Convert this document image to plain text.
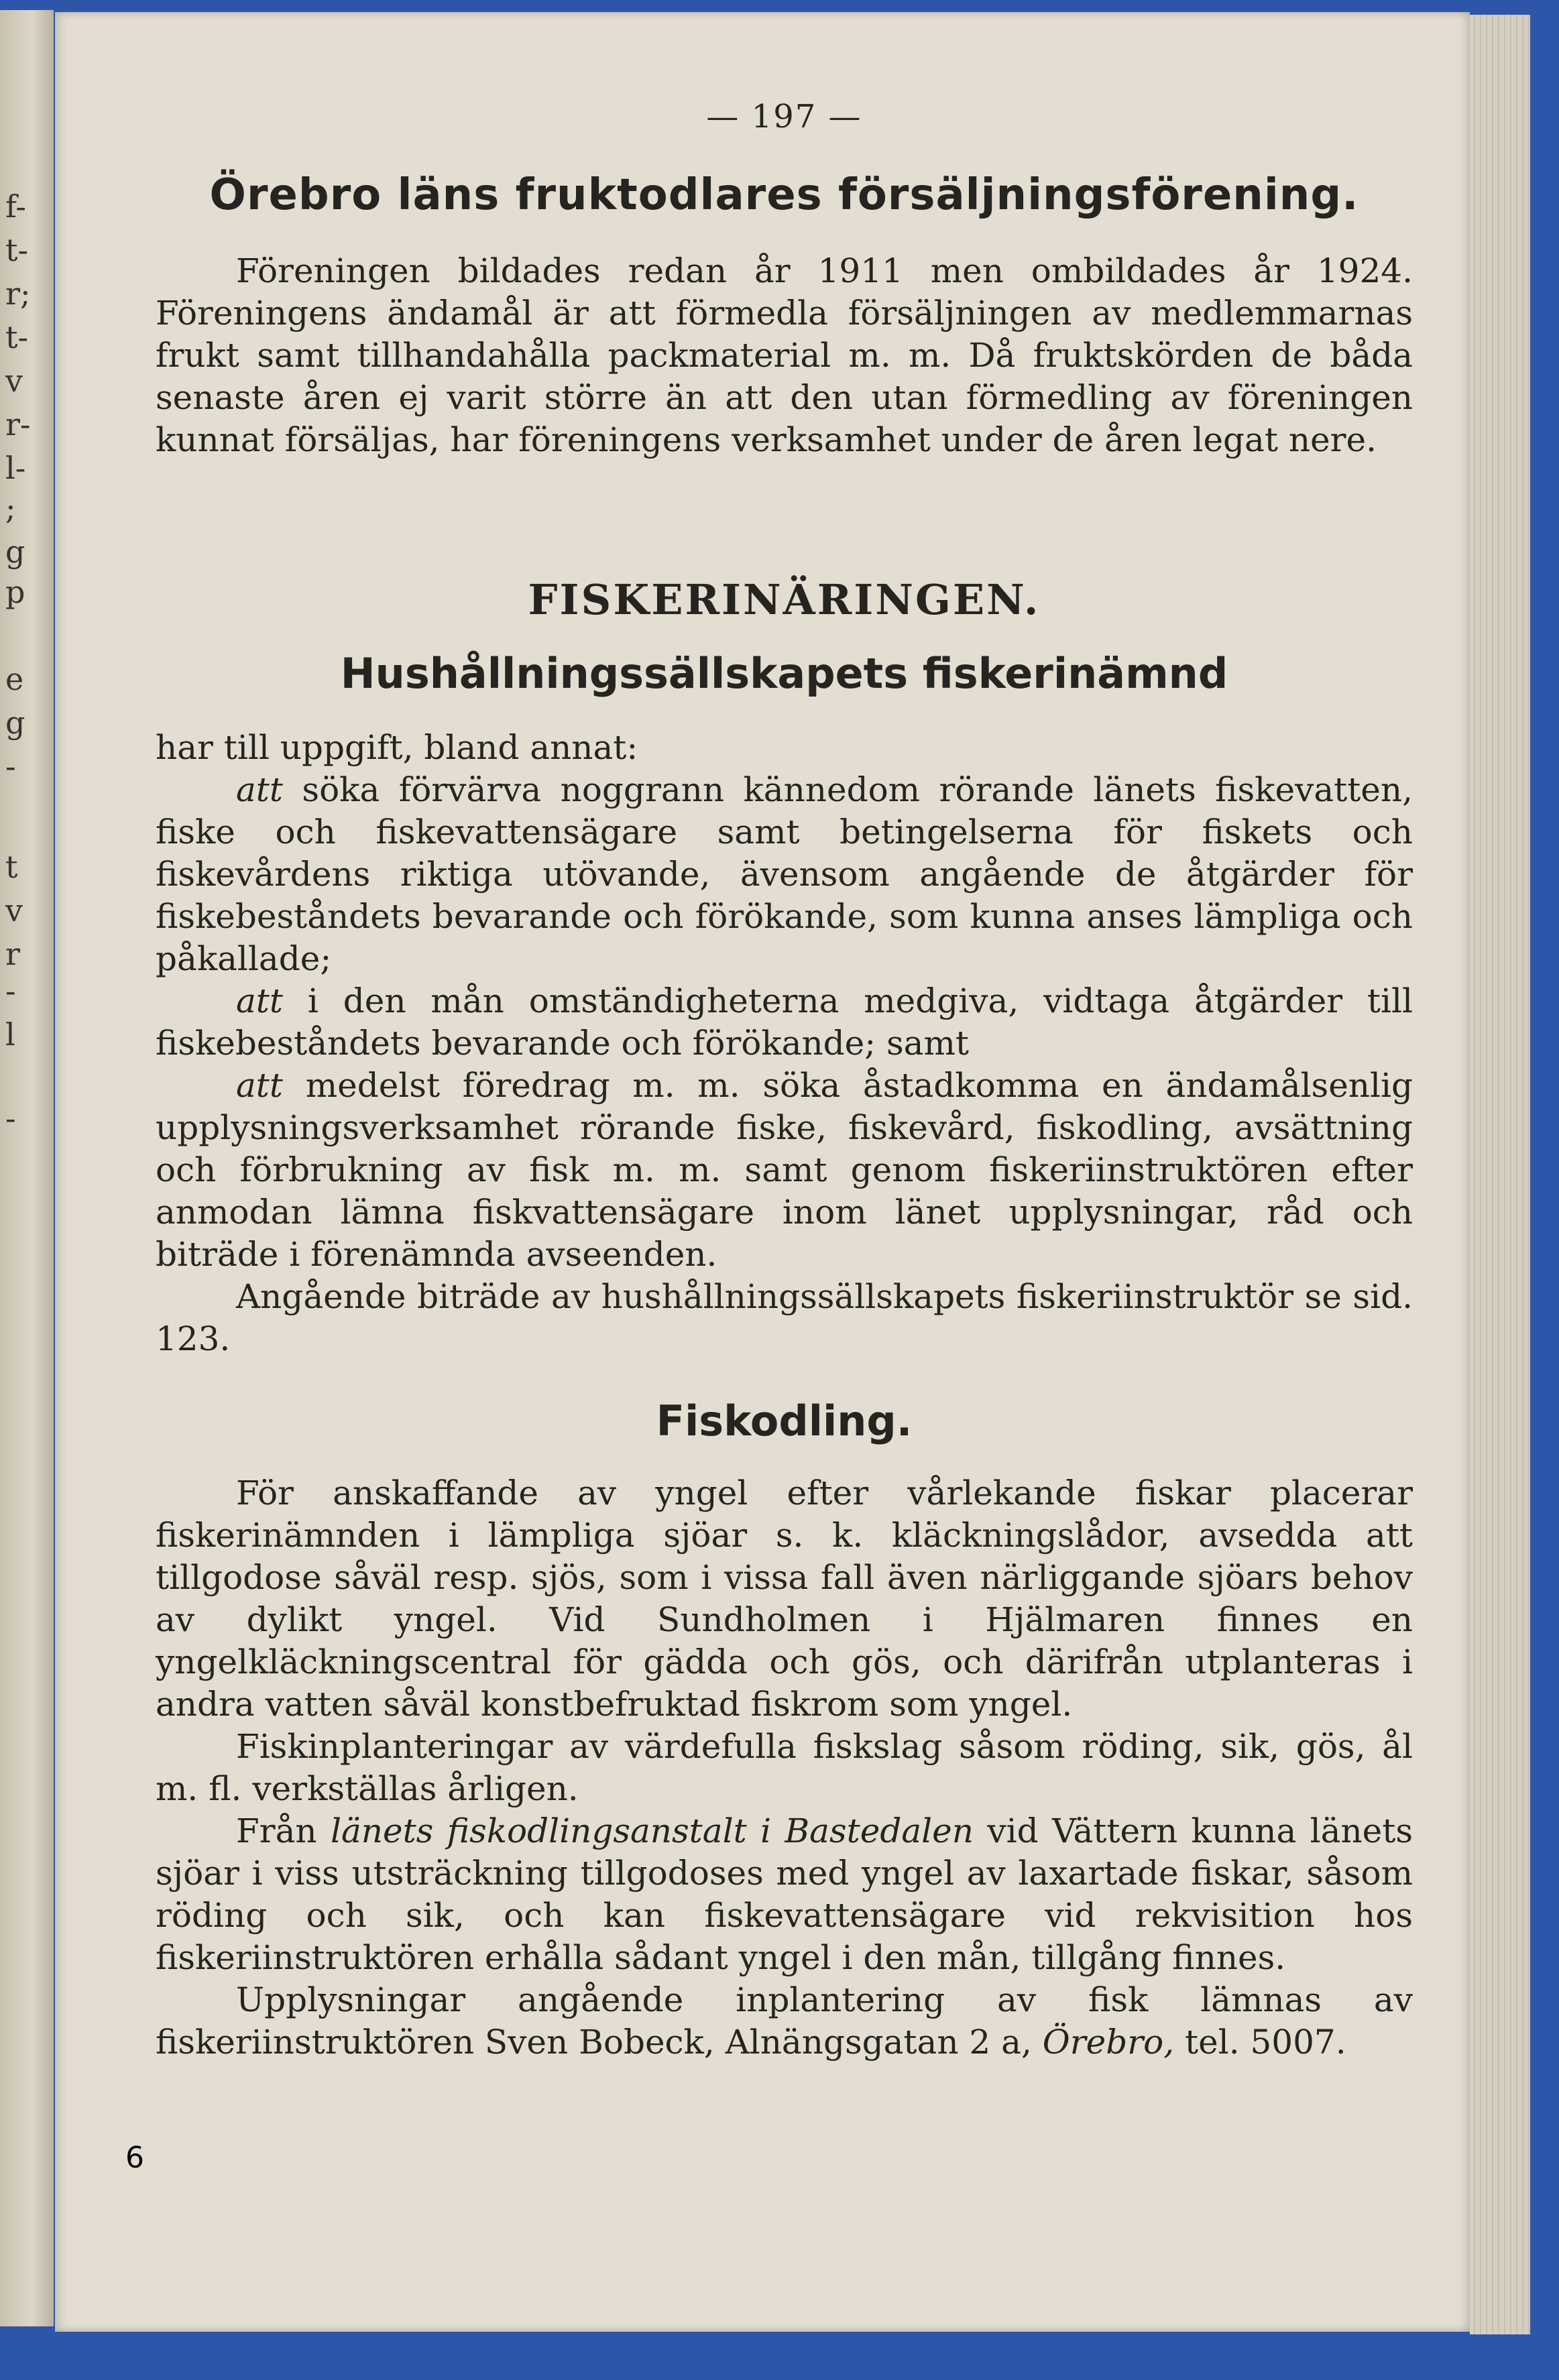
f-
t-
r;
t-
v
r-
l-
;
g
p
e
g
-
t
v
r
-
l
-
— 197 —
Örebro läns fruktodlares försäljningsförening.

Föreningen bildades redan år 1911 men ombildades år 1924. Föreningens ändamål är att förmedla försäljningen av medlemmarnas frukt samt tillhandahålla packmaterial m. m. Då fruktskörden de båda senaste åren ej varit större än att den utan förmedling av föreningen kunnat försäljas, har föreningens verksamhet under de åren legat nere.

FISKERINÄRINGEN.
Hushållningssällskapets fiskerinämnd

har till uppgift, bland annat:

att söka förvärva noggrann kännedom rörande länets fiskevatten, fiske och fiskevattensägare samt betingelserna för fiskets och fiskevårdens riktiga utövande, ävensom angående de åtgärder för fiskebeståndets bevarande och förökande, som kunna anses lämpliga och påkallade;

att i den mån omständigheterna medgiva, vidtaga åtgärder till fiskebeståndets bevarande och förökande; samt

att medelst föredrag m. m. söka åstadkomma en ändamålsenlig upplysningsverksamhet rörande fiske, fiskevård, fiskodling, avsättning och förbrukning av fisk m. m. samt genom fiskeriinstruktören efter anmodan lämna fiskvattensägare inom länet upplysningar, råd och biträde i förenämnda avseenden.

Angående biträde av hushållningssällskapets fiskeriinstruktör se sid. 123.

Fiskodling.

För anskaffande av yngel efter vårlekande fiskar placerar fiskerinämnden i lämpliga sjöar s. k. kläckningslådor, avsedda att tillgodose såväl resp. sjös, som i vissa fall även närliggande sjöars behov av dylikt yngel. Vid Sundholmen i Hjälmaren finnes en yngelkläckningscentral för gädda och gös, och därifrån utplanteras i andra vatten såväl konstbefruktad fiskrom som yngel.

Fiskinplanteringar av värdefulla fiskslag såsom röding, sik, gös, ål m. fl. verkställas årligen.

Från länets fiskodlingsanstalt i Bastedalen vid Vättern kunna länets sjöar i viss utsträckning tillgodoses med yngel av laxartade fiskar, såsom röding och sik, och kan fiskevattensägare vid rekvisition hos fiskeriinstruktören erhålla sådant yngel i den mån, tillgång finnes.

Upplysningar angående inplantering av fisk lämnas av fiskeriinstruktören Sven Bobeck, Alnängsgatan 2 a, Örebro, tel. 5007.

6
